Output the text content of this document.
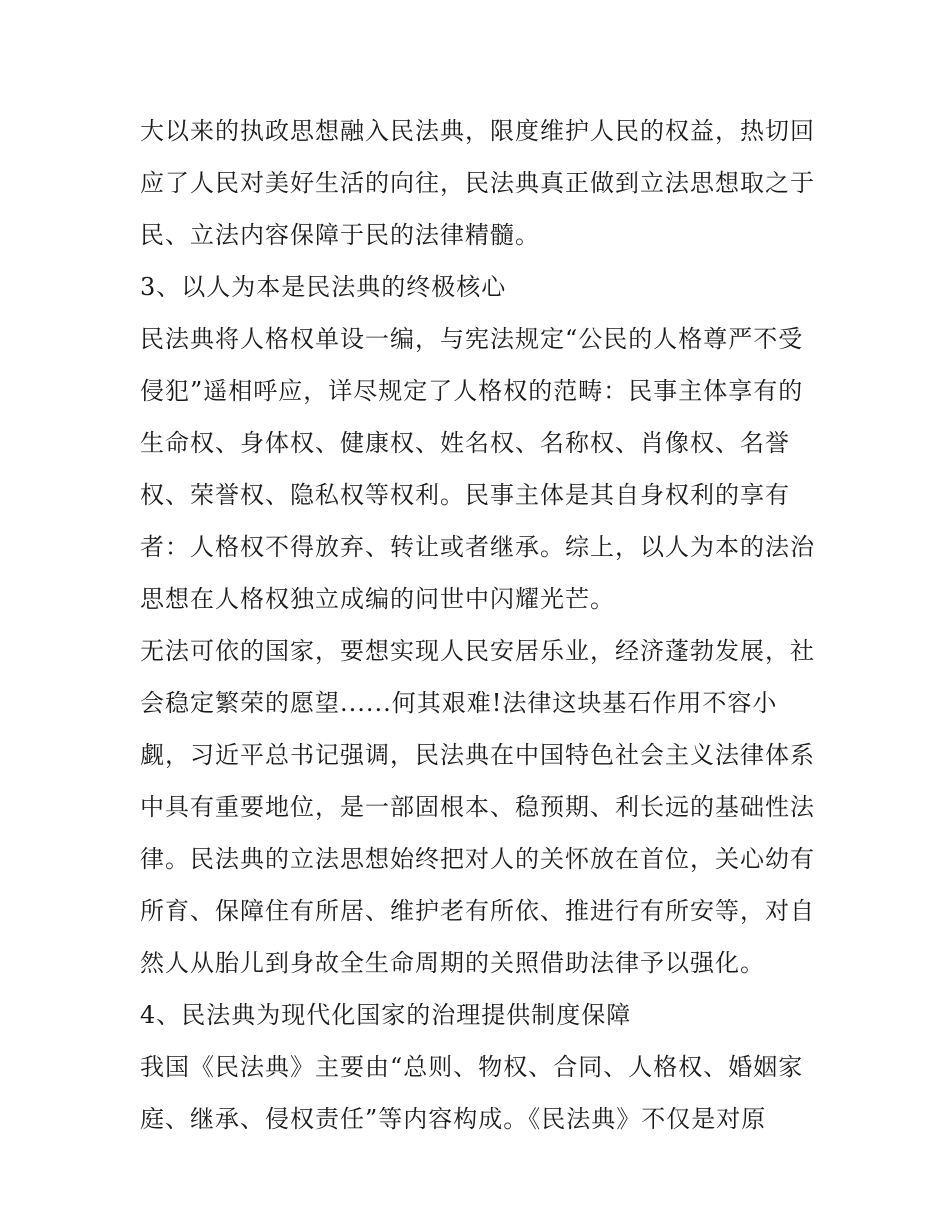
大以来的执政思想融入民法典，限度维护人民的权益，热切回
应了人民对美好生活的向往，民法典真正做到立法思想取之于
民、立法内容保障于民的法律精髓。
3、以人为本是民法典的终极核心
民法典将人格权单设一编，与宪法规定“公民的人格尊严不受
侵犯”遥相呼应，详尽规定了人格权的范畴：民事主体享有的
生命权、身体权、健康权、姓名权、名称权、肖像权、名誉
权、荣誉权、隐私权等权利。民事主体是其自身权利的享有
者：人格权不得放弃、转让或者继承。综上，以人为本的法治
思想在人格权独立成编的问世中闪耀光芒。
无法可依的国家，要想实现人民安居乐业，经济蓬勃发展，社
会稳定繁荣的愿望......何其艰难!法律这块基石作用不容小
觑，习近平总书记强调，民法典在中国特色社会主义法律体系
中具有重要地位，是一部固根本、稳预期、利长远的基础性法
律。民法典的立法思想始终把对人的关怀放在首位，关心幼有
所育、保障住有所居、维护老有所依、推进行有所安等，对自
然人从胎儿到身故全生命周期的关照借助法律予以强化。
4、民法典为现代化国家的治理提供制度保障
我国《民法典》主要由“总则、物权、合同、人格权、婚姻家
庭、继承、侵权责任”等内容构成。《民法典》不仅是对原
